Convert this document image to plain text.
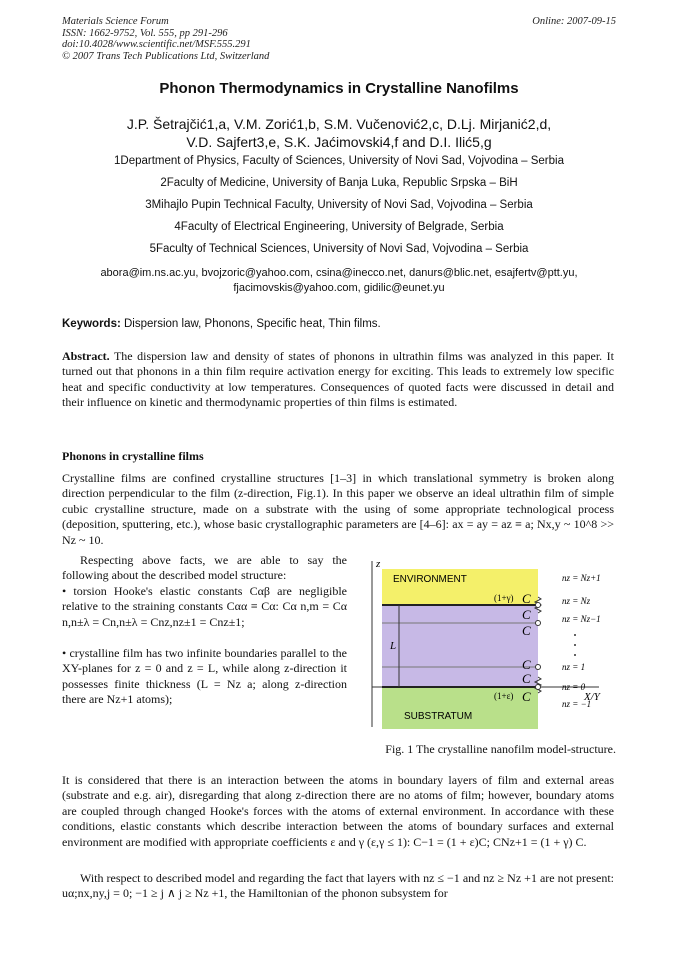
Materials Science Forum
ISSN: 1662-9752, Vol. 555, pp 291-296
doi:10.4028/www.scientific.net/MSF.555.291
© 2007 Trans Tech Publications Ltd, Switzerland
Online: 2007-09-15
Phonon Thermodynamics in Crystalline Nanofilms
J.P. Šetrajčić1,a, V.M. Zorić1,b, S.M. Vučenović2,c, D.Lj. Mirjanić2,d,
V.D. Sajfert3,e, S.K. Jaćimovski4,f and D.I. Ilić5,g
1Department of Physics, Faculty of Sciences, University of Novi Sad, Vojvodina – Serbia
2Faculty of Medicine, University of Banja Luka, Republic Srpska – BiH
3Mihajlo Pupin Technical Faculty, University of Novi Sad, Vojvodina – Serbia
4Faculty of Electrical Engineering, University of Belgrade, Serbia
5Faculty of Technical Sciences, University of Novi Sad, Vojvodina – Serbia
abora@im.ns.ac.yu, bvojzoric@yahoo.com, csina@inecco.net, danurs@blic.net, esajfertv@ptt.yu,
fjacimovskis@yahoo.com, gidilic@eunet.yu
Keywords: Dispersion law, Phonons, Specific heat, Thin films.
Abstract. The dispersion law and density of states of phonons in ultrathin films was analyzed in this paper. It turned out that phonons in a thin film require activation energy for exciting. This leads to extremely low specific heat and specific conductivity at low temperatures. Consequences of quoted facts were discussed in detail and their influence on kinetic and thermodynamic properties of thin films is estimated.
Phonons in crystalline films
Crystalline films are confined crystalline structures [1–3] in which translational symmetry is broken along direction perpendicular to the film (z-direction, Fig.1). In this paper we observe an ideal ultrathin film of simple cubic crystalline structure, made on a substrate with the using of some appropriate technological process (deposition, sputtering, etc.), whose basic crystallographic parameters are [4–6]: ax = ay = az ≡ a; Nx,y ~ 10^8 >> Nz ~ 10.
Respecting above facts, we are able to say the following about the described model structure:
• torsion Hooke's elastic constants Cαβ are negligible relative to the straining constants Cαα ≡ Cα: Cα n,m = Cα n,n±λ = Cn,n±λ = Cnz,nz±1 = Cnz±1;
• crystalline film has two infinite boundaries parallel to the XY-planes for z = 0 and z = L, while along z-direction it possesses finite thickness (L = Nz a; along z-direction there are Nz+1 atoms);
z
X/Y
ENVIRONMENT
SUBSTRATUM
L
(1+γ) C
C
C
C
C
(1+ε) C
nz = Nz+1
nz = Nz
nz = Nz−1
nz = 1
nz = 0
nz = −1
Fig. 1 The crystalline nanofilm model-structure.
It is considered that there is an interaction between the atoms in boundary layers of film and external areas (substrate and e.g. air), disregarding that along z-direction there are no atoms of film; however, boundary atoms are coupled through changed Hooke's forces with the atoms of external environment. In accordance with these conditions, elastic constants which describe interaction between the atoms of boundary surfaces and external environment are modified with appropriate coefficients ε and γ (ε,γ ≤ 1): C−1 = (1 + ε)C; CNz+1 = (1 + γ) C.
With respect to described model and regarding the fact that layers with nz ≤ −1 and nz ≥ Nz +1 are not present: uα;nx,ny,j = 0; −1 ≥ j ∧ j ≥ Nz +1, the Hamiltonian of the phonon subsystem for
